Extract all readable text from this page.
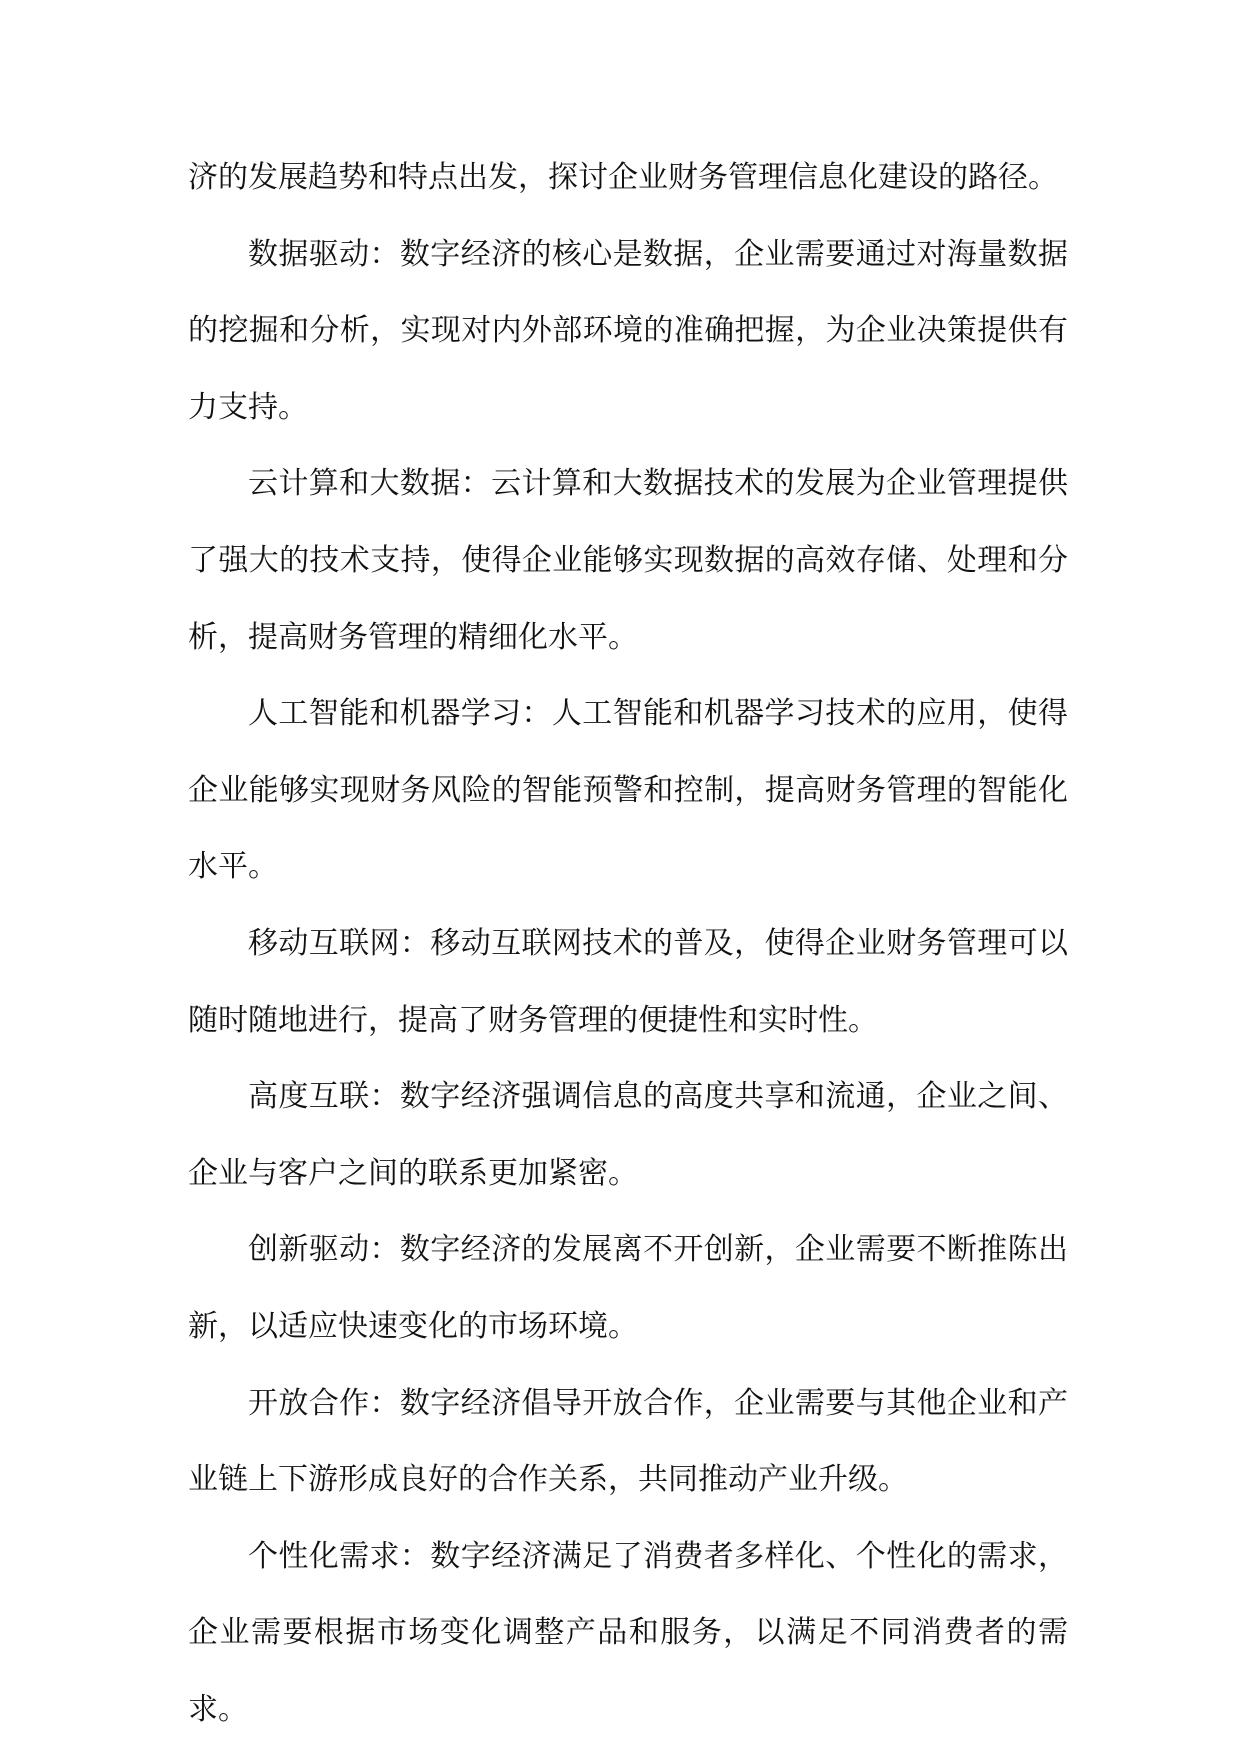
济的发展趋势和特点出发，探讨企业财务管理信息化建设的路径。

数据驱动：数字经济的核心是数据，企业需要通过对海量数据的挖掘和分析，实现对内外部环境的准确把握，为企业决策提供有力支持。

云计算和大数据：云计算和大数据技术的发展为企业管理提供了强大的技术支持，使得企业能够实现数据的高效存储、处理和分析，提高财务管理的精细化水平。

人工智能和机器学习：人工智能和机器学习技术的应用，使得企业能够实现财务风险的智能预警和控制，提高财务管理的智能化水平。

移动互联网：移动互联网技术的普及，使得企业财务管理可以随时随地进行，提高了财务管理的便捷性和实时性。

高度互联：数字经济强调信息的高度共享和流通，企业之间、企业与客户之间的联系更加紧密。

创新驱动：数字经济的发展离不开创新，企业需要不断推陈出新，以适应快速变化的市场环境。

开放合作：数字经济倡导开放合作，企业需要与其他企业和产业链上下游形成良好的合作关系，共同推动产业升级。

个性化需求：数字经济满足了消费者多样化、个性化的需求，企业需要根据市场变化调整产品和服务，以满足不同消费者的需求。
